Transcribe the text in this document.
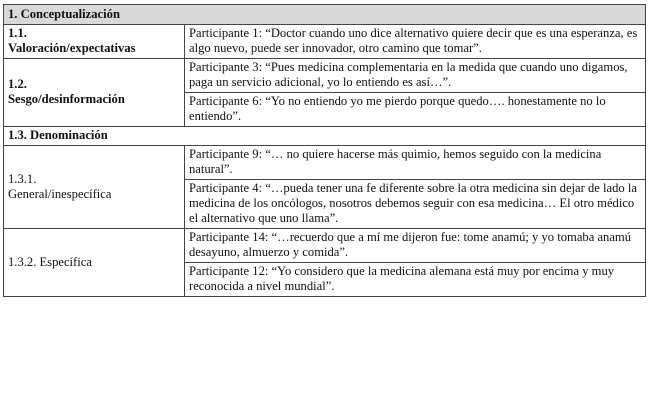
1. Conceptualización	
1.1.
Valoración/expectativas	Participante 1: “Doctor cuando uno dice alternativo quiere decir que es una esperanza, es algo nuevo, puede ser innovador, otro camino que tomar”.
1.2.
Sesgo/desinformación	Participante 3: “Pues medicina complementaria en la medida que cuando uno digamos, paga un servicio adicional, yo lo entiendo es así…”.
	Participante 6: “Yo no entiendo yo me pierdo porque quedo…. honestamente no lo entiendo”.
1.3. Denominación	
1.3.1.
General/inespecífica	Participante 9: “… no quiere hacerse más quimio, hemos seguido con la medicina natural”.
	Participante 4: “…pueda tener una fe diferente sobre la otra medicina sin dejar de lado la medicina de los oncólogos, nosotros debemos seguir con esa medicina… El otro médico el alternativo que uno llama”.
1.3.2. Específica	Participante 14: “…recuerdo que a mí me dijeron fue: tome anamú; y yo tomaba anamú desayuno, almuerzo y comida”.
	Participante 12: “Yo considero que la medicina alemana está muy por encima y muy reconocida a nivel mundial”.
